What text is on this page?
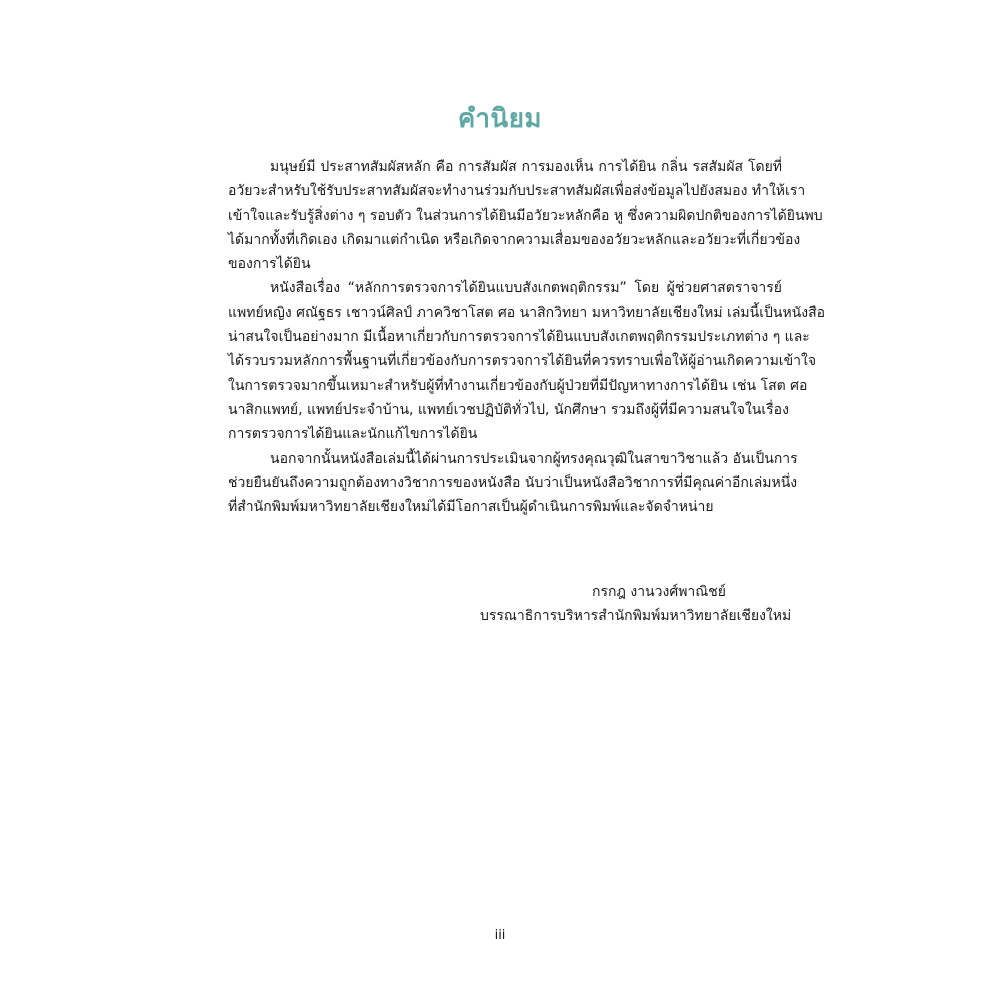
คำนิยม

มนุษย์มี ประสาทสัมผัสหลัก คือ การสัมผัส การมองเห็น การได้ยิน กลิ่น รสสัมผัส โดยที่
อวัยวะสำหรับใช้รับประสาทสัมผัสจะทำงานร่วมกับประสาทสัมผัสเพื่อส่งข้อมูลไปยังสมอง ทำให้เรา
เข้าใจและรับรู้สิ่งต่าง ๆ รอบตัว ในส่วนการได้ยินมีอวัยวะหลักคือ หู ซึ่งความผิดปกติของการได้ยินพบ
ได้มากทั้งที่เกิดเอง เกิดมาแต่กำเนิด หรือเกิดจากความเสื่อมของอวัยวะหลักและอวัยวะที่เกี่ยวข้อง
ของการได้ยิน

หนังสือเรื่อง “หลักการตรวจการได้ยินแบบสังเกตพฤติกรรม” โดย ผู้ช่วยศาสตราจารย์
แพทย์หญิง ศณัฐธร เชาวน์ศิลป์ ภาควิชาโสต ศอ นาสิกวิทยา มหาวิทยาลัยเชียงใหม่ เล่มนี้เป็นหนังสือ
น่าสนใจเป็นอย่างมาก มีเนื้อหาเกี่ยวกับการตรวจการได้ยินแบบสังเกตพฤติกรรมประเภทต่าง ๆ และ
ได้รวบรวมหลักการพื้นฐานที่เกี่ยวข้องกับการตรวจการได้ยินที่ควรทราบเพื่อให้ผู้อ่านเกิดความเข้าใจ
ในการตรวจมากขึ้นเหมาะสำหรับผู้ที่ทำงานเกี่ยวข้องกับผู้ป่วยที่มีปัญหาทางการได้ยิน เช่น โสต ศอ
นาสิกแพทย์, แพทย์ประจำบ้าน, แพทย์เวชปฏิบัติทั่วไป, นักศึกษา รวมถึงผู้ที่มีความสนใจในเรื่อง
การตรวจการได้ยินและนักแก้ไขการได้ยิน

นอกจากนั้นหนังสือเล่มนี้ได้ผ่านการประเมินจากผู้ทรงคุณวุฒิในสาขาวิชาแล้ว อันเป็นการ
ช่วยยืนยันถึงความถูกต้องทางวิชาการของหนังสือ นับว่าเป็นหนังสือวิชาการที่มีคุณค่าอีกเล่มหนึ่ง
ที่สำนักพิมพ์มหาวิทยาลัยเชียงใหม่ได้มีโอกาสเป็นผู้ดำเนินการพิมพ์และจัดจำหน่าย

กรกฎ งานวงศ์พาณิชย์
บรรณาธิการบริหารสำนักพิมพ์มหาวิทยาลัยเชียงใหม่
iii
